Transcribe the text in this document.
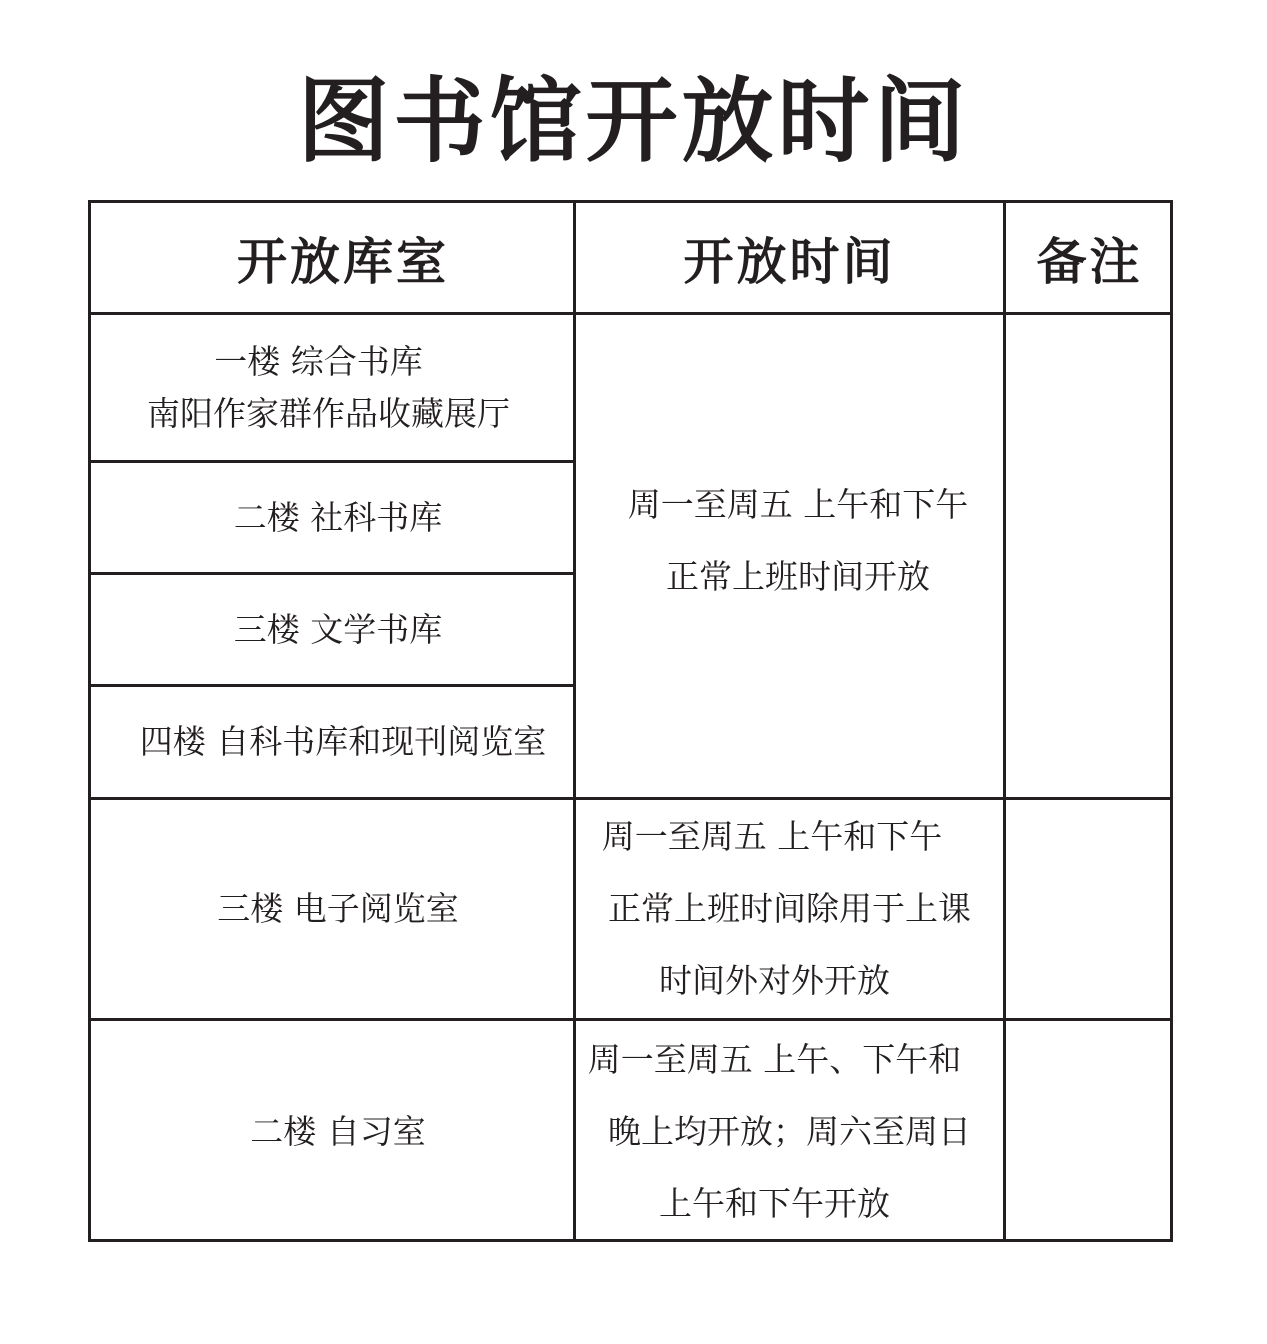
图书馆开放时间
开放库室	开放时间	备注
一楼 综合书库
南阳作家群作品收藏展厅
二楼 社科书库
三楼 文学书库
四楼 自科书库和现刊阅览室
周一至周五 上午和下午
正常上班时间开放
三楼 电子阅览室
周一至周五 上午和下午
正常上班时间除用于上课
时间外对外开放
二楼 自习室
周一至周五 上午、下午和
晚上均开放；周六至周日
上午和下午开放
